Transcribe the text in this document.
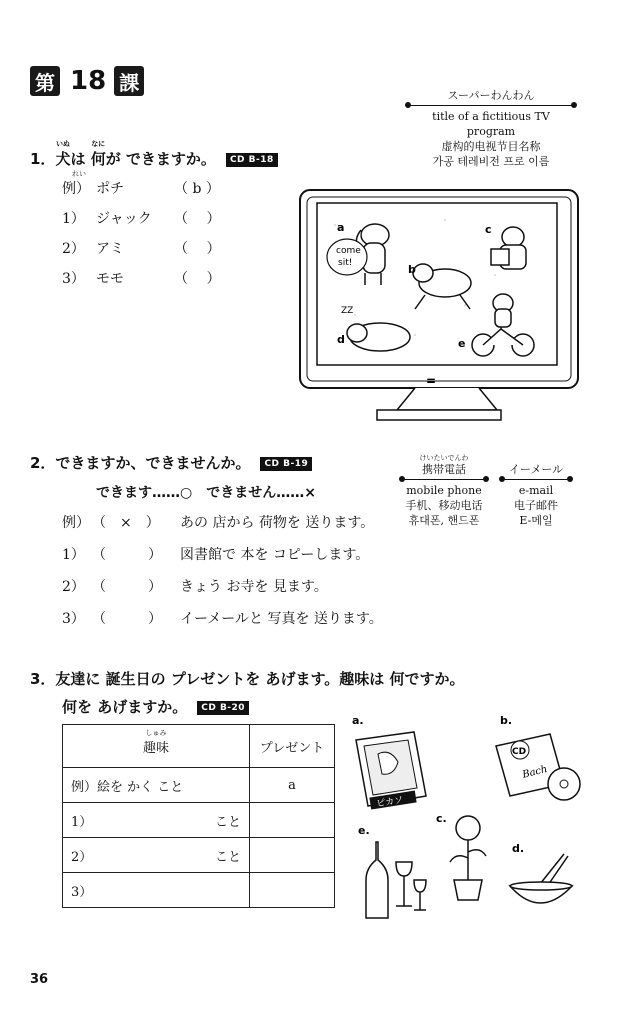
第 18 課
スーパーわんわん
title of a fictitious TV program
虚构的电视节目名称
가공 테레비전 프로 이름
1．
いぬ
犬は
なに
何が できますか。 CD B-18
れい
例） ポチ	（ b ）
1） ジャック	（　 ）
2） アミ	（　 ）
3） モモ	（　 ）
come
sit!
a
b
c
ZZ
d	e
=
2．できますか、できませんか。 CD B-19
できます……○　できません……×
けいたいでんわ
携帯電話
mobile phone
手机、移动电话
휴대폰, 핸드폰
イーメール
e-mail
电子邮件
E-메일
例） （　×　）	あの 店から 荷物を 送ります。
1） （　　　）	図書館で 本を コピーします。
2） （　　　）	きょう お寺を 見ます。
3） （　　　）	イーメールと 写真を 送ります。
3．友達に 誕生日の プレゼントを あげます。趣味は 何ですか。
何を あげますか。 CD B-20
しゅみ
趣味	プレゼント
例）絵を かく こと	a
1） こと	

2） こと	

3）

a.	b.
c.
e.
d.
ピカソ
CD
Bach
36
